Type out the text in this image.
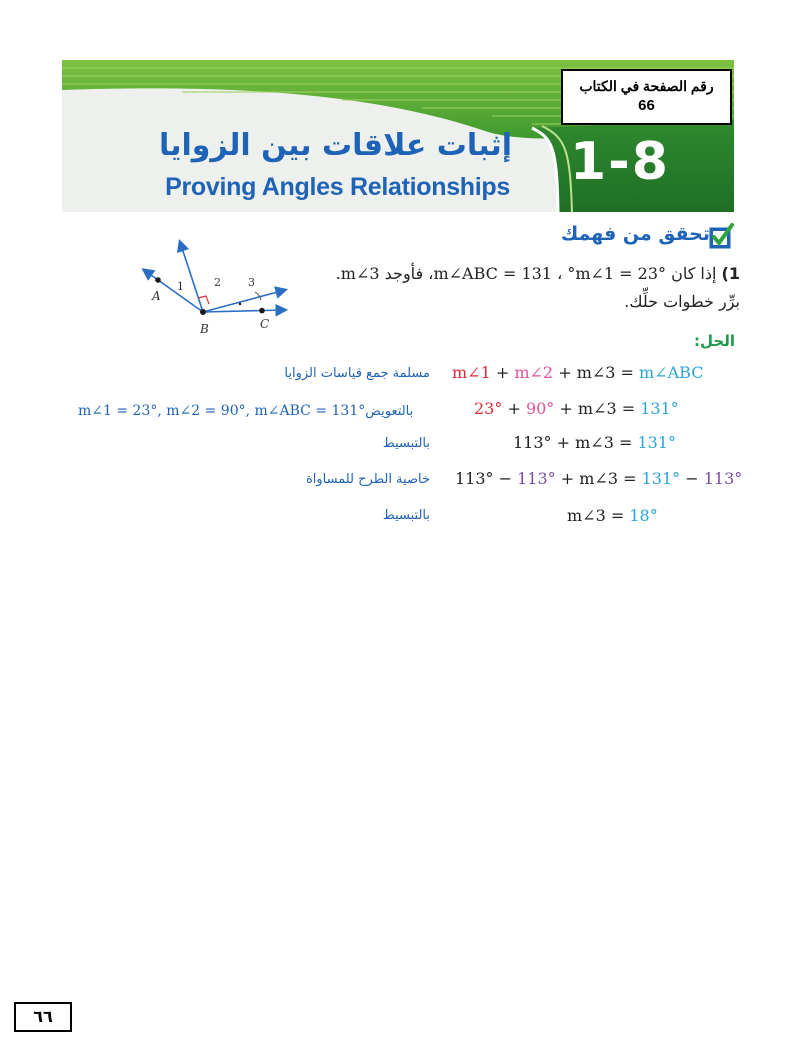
رقم الصفحة في الكتاب
66
1-8
إثبات علاقات بين الزوايا
Proving Angles Relationships
تحقق من فهمك
1) إذا كان °m∠ABC = 131 ، °m∠1 = 23، فأوجد m∠3.
برِّر خطوات حلِّك.
A
B	C
1	2 3
الحل:
m∠1 + m∠2 + m∠3 = m∠ABC
مسلمة جمع قياسات الزوايا
23° + 90° + m∠3 = 131°
m∠1 = 23°, m∠2 = 90°, m∠ABC = 131°بالتعويض
113° + m∠3 = 131°
بالتبسيط
113° − 113° + m∠3 = 131° − 113°
خاصية الطرح للمساواة
m∠3 = 18°
بالتبسيط
٦٦
